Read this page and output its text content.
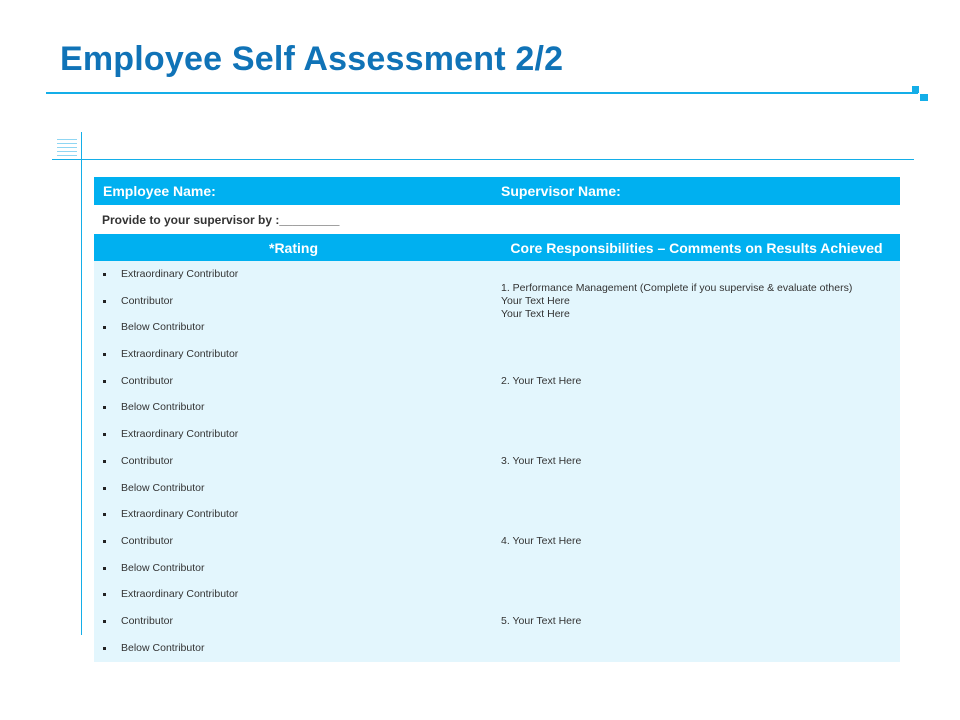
Employee Self Assessment 2/2
Employee Name:	Supervisor Name:
Provide to your supervisor by :_________
*Rating	Core Responsibilities – Comments on Results Achieved
Extraordinary Contributor
Contributor
Below Contributor
Extraordinary Contributor
Contributor
Below Contributor
Extraordinary Contributor
Contributor
Below Contributor
Extraordinary Contributor
Contributor
Below Contributor
Extraordinary Contributor
Contributor
Below Contributor
1. Performance Management (Complete if you supervise & evaluate others)
Your Text Here
Your Text Here
2. Your Text Here
3. Your Text Here
4. Your Text Here
5. Your Text Here
